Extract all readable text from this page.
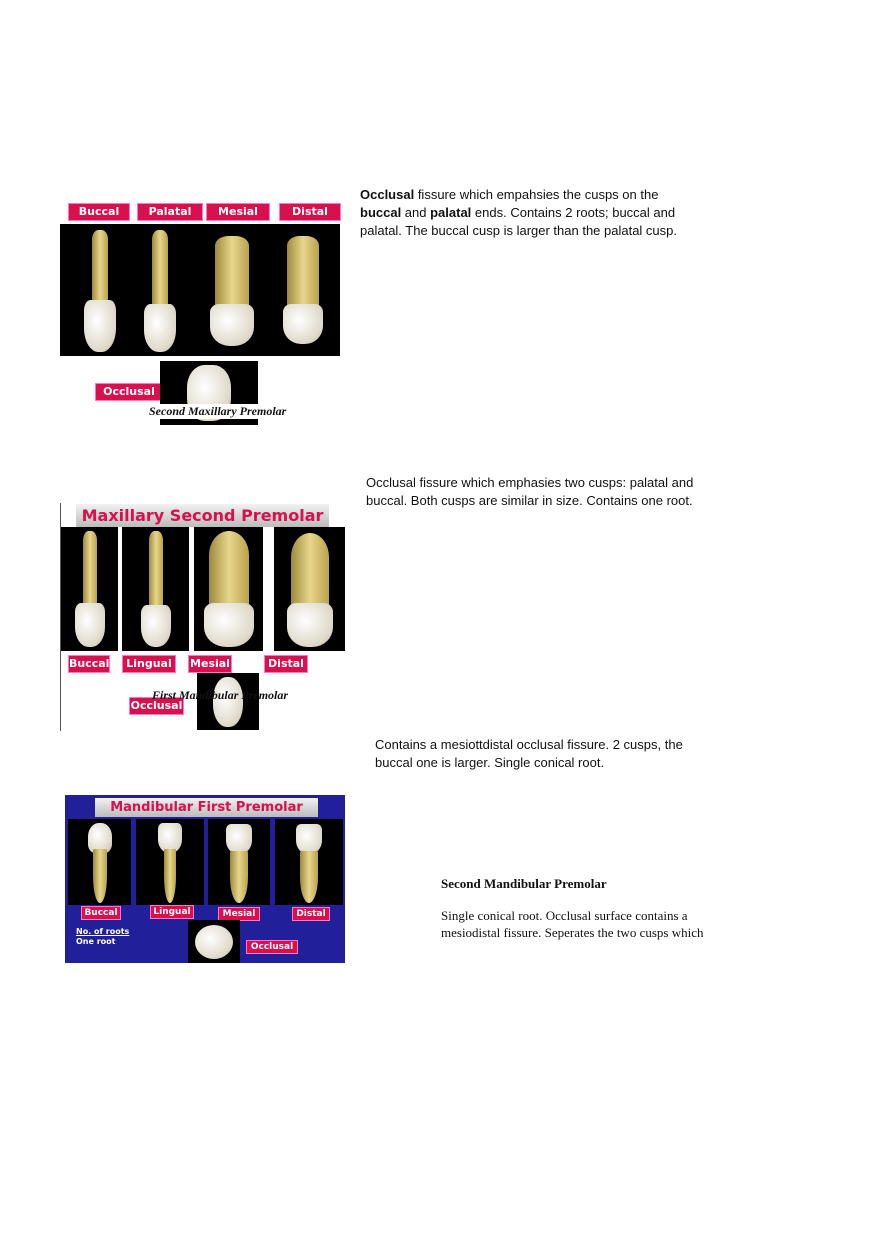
Buccal	Palatal	Mesial	Distal
Occlusal
Second Maxillary Premolar
Occlusal fissure which empahsies the cusps on the buccal and palatal ends. Contains 2 roots; buccal and palatal. The buccal cusp is larger than the palatal cusp.
Maxillary Second Premolar
Buccal	Lingual	Mesial	Distal
Occlusal
First Mandibular Premolar
Occlusal fissure which emphasies two cusps: palatal and buccal. Both cusps are similar in size. Contains one root.
Contains a mesiottdistal occlusal fissure. 2 cusps, the buccal one is larger. Single conical root.
Mandibular First Premolar
Buccal	Lingual	Mesial	Distal
No. of roots
One root
Occlusal
Second Mandibular Premolar
Single conical root. Occlusal surface contains a mesiodistal fissure. Seperates the two cusps which
